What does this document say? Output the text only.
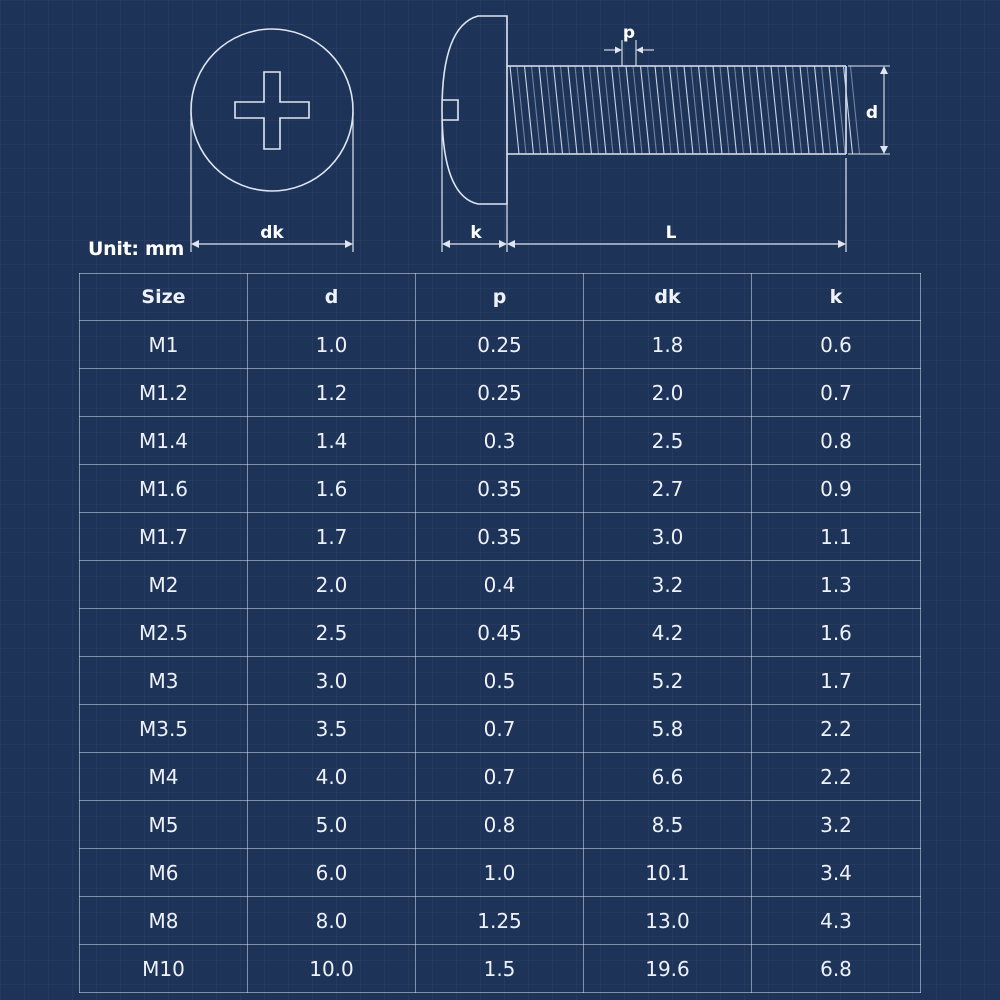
dk
p
d
k	L
Unit: mm
Size	d	p	dk	k
M1	1.0	0.25	1.8	0.6
M1.2	1.2	0.25	2.0	0.7
M1.4	1.4	0.3	2.5	0.8
M1.6	1.6	0.35	2.7	0.9
M1.7	1.7	0.35	3.0	1.1
M2	2.0	0.4	3.2	1.3
M2.5	2.5	0.45	4.2	1.6
M3	3.0	0.5	5.2	1.7
M3.5	3.5	0.7	5.8	2.2
M4	4.0	0.7	6.6	2.2
M5	5.0	0.8	8.5	3.2
M6	6.0	1.0	10.1	3.4
M8	8.0	1.25	13.0	4.3
M10	10.0	1.5	19.6	6.8
